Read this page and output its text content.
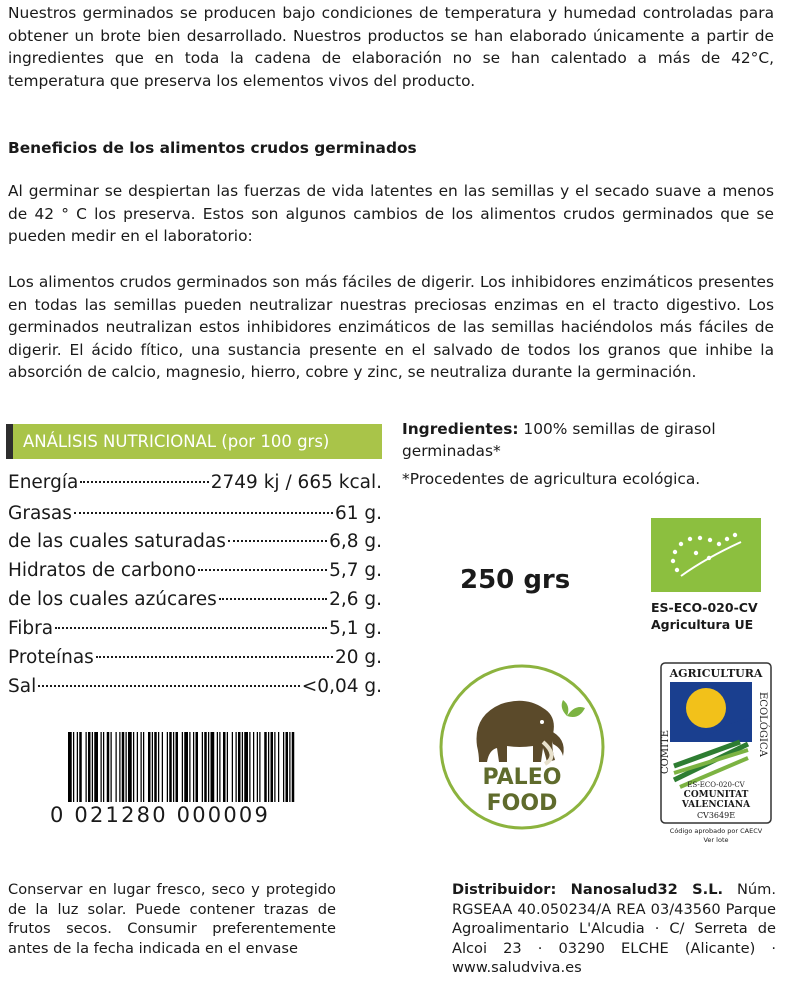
Nuestros germinados se producen bajo condiciones de temperatura y humedad controladas para obtener un brote bien desarrollado. Nuestros productos se han elaborado únicamente a partir de ingredientes que en toda la cadena de elaboración no se han calentado a más de 42°C, temperatura que preserva los elementos vivos del producto.

Beneficios de los alimentos crudos germinados

Al germinar se despiertan las fuerzas de vida latentes en las semillas y el secado suave a menos de 42 ° C los preserva. Estos son algunos cambios de los alimentos crudos germinados que se pueden medir en el laboratorio:

Los alimentos crudos germinados son más fáciles de digerir. Los inhibidores enzimáticos presentes en todas las semillas pueden neutralizar nuestras preciosas enzimas en el tracto digestivo. Los germinados neutralizan estos inhibidores enzimáticos de las semillas haciéndolos más fáciles de digerir. El ácido fítico, una sustancia presente en el salvado de todos los granos que inhibe la absorción de calcio, magnesio, hierro, cobre y zinc, se neutraliza durante la germinación.

ANÁLISIS NUTRICIONAL (por 100 grs)
Energía	2749 kj / 665 kcal.
Grasas	61 g.
de las cuales saturadas	6,8 g.
Hidratos de carbono	5,7 g.
de los cuales azúcares	2,6 g.
Fibra	5,1 g.
Proteínas	20 g.
Sal	<0,04 g.

Ingredientes: 100% semillas de girasol germinadas*

*Procedentes de agricultura ecológica.

250 grs

ES-ECO-020-CV
Agricultura UE
AGRICULTURA
COMITÉ	ECOLÓGICA
ES-ECO-020-CV
COMUNITAT
VALENCIANA
CV3649E
Código aprobado por CAECV
Ver lote
PALEO
FOOD
0 021280 000009

Conservar en lugar fresco, seco y protegido de la luz solar. Puede contener trazas de frutos secos. Consumir preferentemente antes de la fecha indicada en el envase

Distribuidor: Nanosalud32 S.L. Núm. RGSEAA 40.050234/A REA 03/43560 Parque Agroalimentario L'Alcudia · C/ Serreta de Alcoi 23 · 03290 ELCHE (Alicante) · www.saludviva.es
